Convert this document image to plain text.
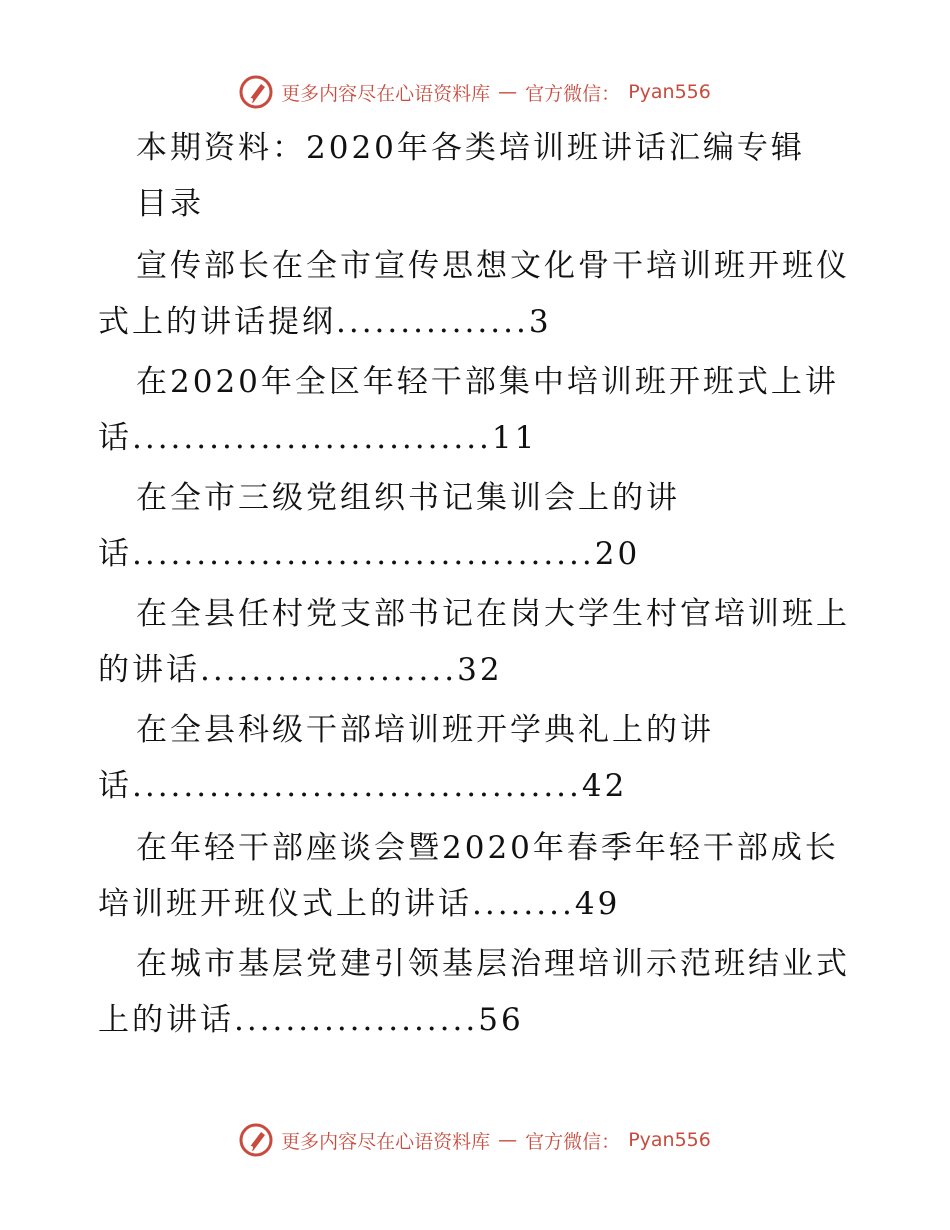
更多内容尽在心语资料库 — 官方微信： Pyan556
本期资料：2020年各类培训班讲话汇编专辑
目录
宣传部长在全市宣传思想文化骨干培训班开班仪
式上的讲话提纲...............3
在2020年全区年轻干部集中培训班开班式上讲
话............................11
在全市三级党组织书记集训会上的讲
话....................................20
在全县任村党支部书记在岗大学生村官培训班上
的讲话....................32
在全县科级干部培训班开学典礼上的讲
话...................................42
在年轻干部座谈会暨2020年春季年轻干部成长
培训班开班仪式上的讲话........49
在城市基层党建引领基层治理培训示范班结业式
上的讲话...................56
更多内容尽在心语资料库 — 官方微信： Pyan556
